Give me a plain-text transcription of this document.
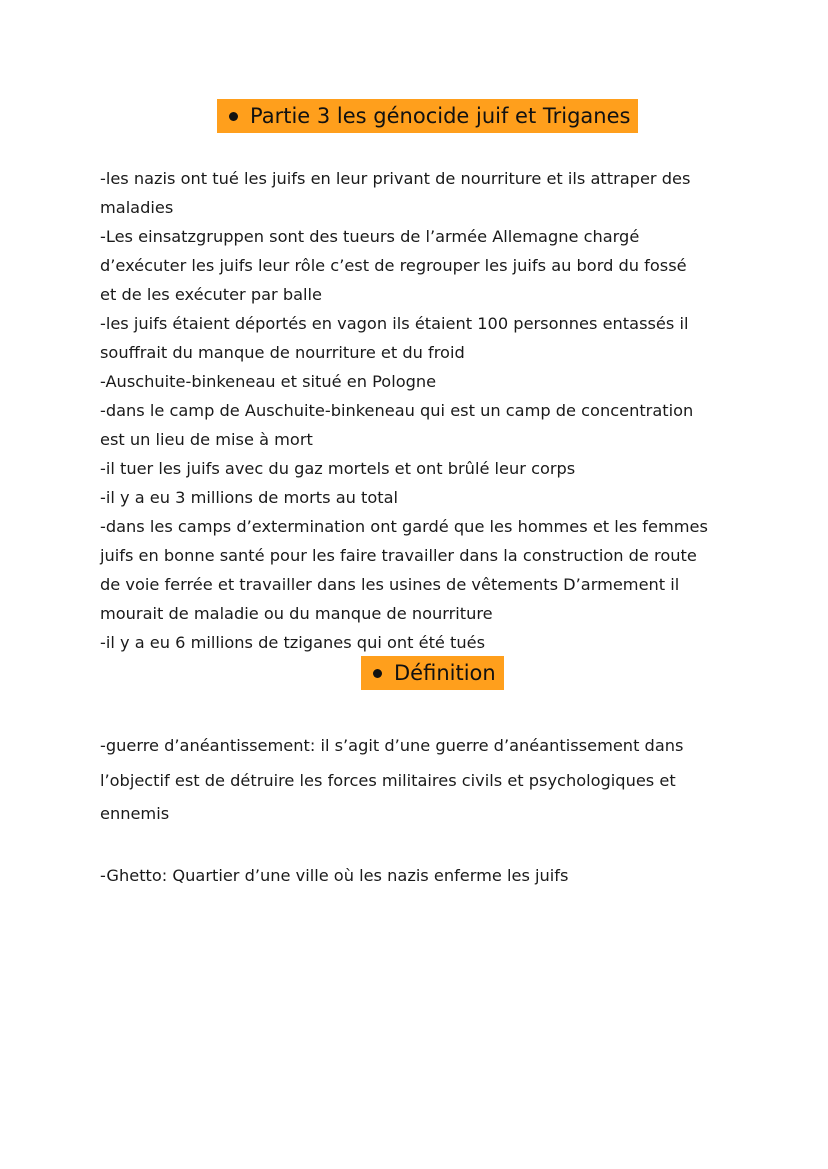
Partie 3 les génocide juif et Triganes
-les nazis ont tué les juifs en leur privant de nourriture et ils attraper des
maladies
-Les einsatzgruppen sont des tueurs de l’armée Allemagne chargé
d’exécuter les juifs leur rôle c’est de regrouper les juifs au bord du fossé
et de les exécuter par balle
-les juifs étaient déportés en vagon ils étaient 100 personnes entassés il
souffrait du manque de nourriture et du froid
-Auschuite-binkeneau et situé en Pologne
-dans le camp de Auschuite-binkeneau qui est un camp de concentration
est un lieu de mise à mort
-il tuer les juifs avec du gaz mortels et ont brûlé leur corps
-il y a eu 3 millions de morts au total
-dans les camps d’extermination ont gardé que les hommes et les femmes
juifs en bonne santé pour les faire travailler dans la construction de route
de voie ferrée et travailler dans les usines de vêtements D’armement il
mourait de maladie ou du manque de nourriture
-il y a eu 6 millions de tziganes qui ont été tués
Définition
-guerre d’anéantissement: il s’agit d’une guerre d’anéantissement dans
l’objectif est de détruire les forces militaires civils et psychologiques et
ennemis
-Ghetto: Quartier d’une ville où les nazis enferme les juifs
